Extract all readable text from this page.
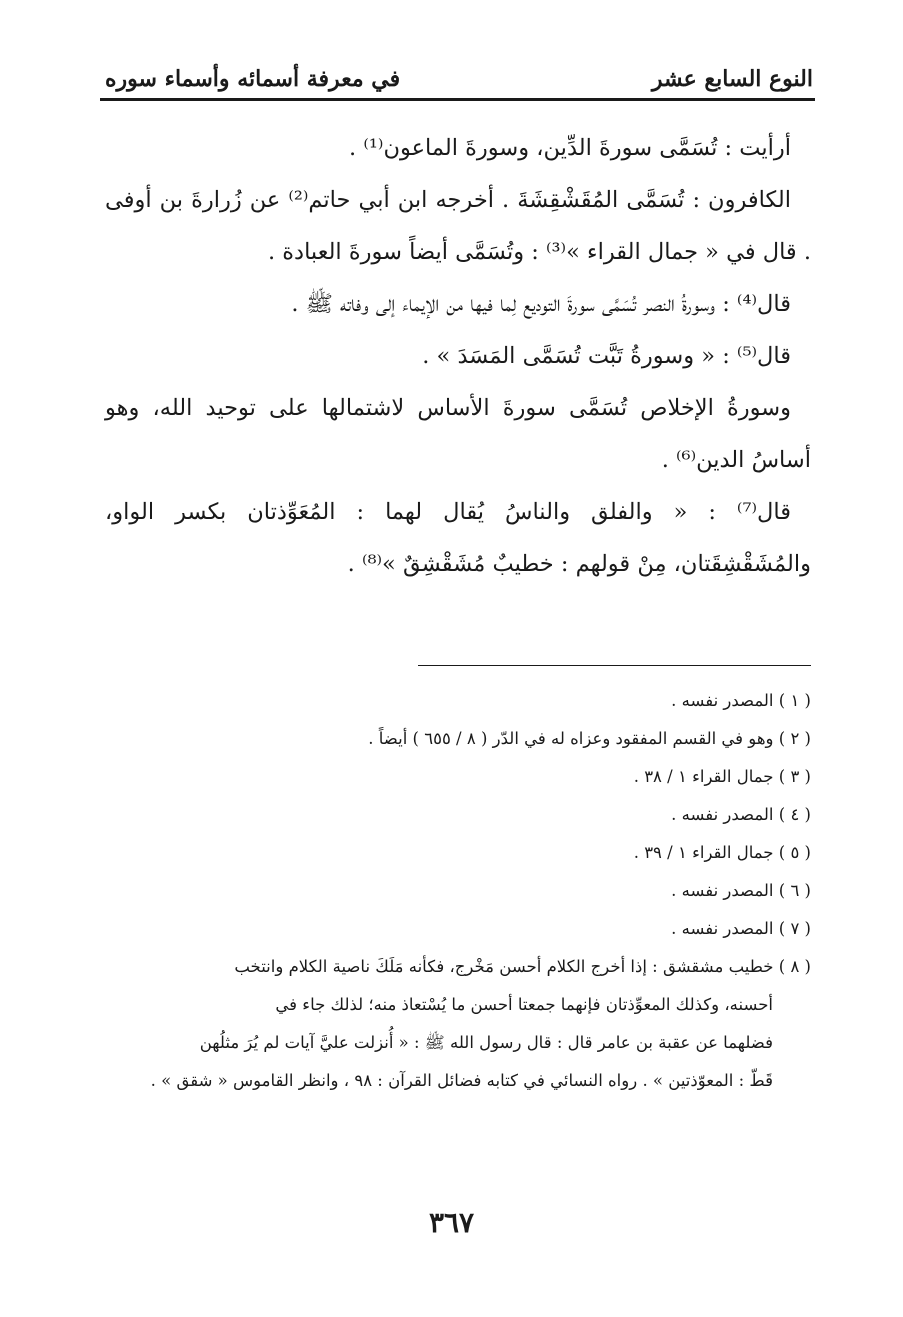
النوع السابع عشر
في معرفة أسمائه وأسماء سوره

أرأيت : تُسَمَّى سورةَ الدِّين، وسورةَ الماعون⁽¹⁾ .

الكافرون : تُسَمَّى المُقَشْقِشَةَ . أخرجه ابن أبي حاتم⁽²⁾ عن زُرارةَ بن أوفى . قال في « جمال القراء »⁽³⁾ : وتُسَمَّى أيضاً سورةَ العبادة .

قال⁽⁴⁾ : وسورةُ النصر تُسَمَّى سورةَ التوديع لِما فيها من الإيماء إلى وفاته ﷺ .

قال⁽⁵⁾ : « وسورةُ تَبَّت تُسَمَّى المَسَدَ » .

وسورةُ الإخلاص تُسَمَّى سورةَ الأساس لاشتمالها على توحيد الله، وهو أساسُ الدين⁽⁶⁾ .

قال⁽⁷⁾ : « والفلق والناسُ يُقال لهما : المُعَوِّذتان بكسر الواو، والمُشَقْشِقَتان، مِنْ قولهم : خطيبٌ مُشَقْشِقٌ »⁽⁸⁾ .

( ١ ) المصدر نفسه .

( ٢ ) وهو في القسم المفقود وعزاه له في الدّر ( ٨ / ٦٥٥ ) أيضاً .

( ٣ ) جمال القراء ١ / ٣٨ .

( ٤ ) المصدر نفسه .

( ٥ ) جمال القراء ١ / ٣٩ .

( ٦ ) المصدر نفسه .

( ٧ ) المصدر نفسه .

( ٨ ) خطيب مشقشق : إذا أخرج الكلام أحسن مَخْرج، فكأنه مَلَكَ ناصية الكلام وانتخب
أحسنه، وكذلك المعوِّذتان فإنهما جمعتا أحسن ما يُسْتعاذ منه؛ لذلك جاء في
فضلهما عن عقبة بن عامر قال : قال رسول الله ﷺ : « أُنزلت عليَّ آيات لم يُرَ مثلُهن
قَطّ : المعوّذتين » . رواه النسائي في كتابه فضائل القرآن : ٩٨ ، وانظر القاموس « شقق » .
٣٦٧
